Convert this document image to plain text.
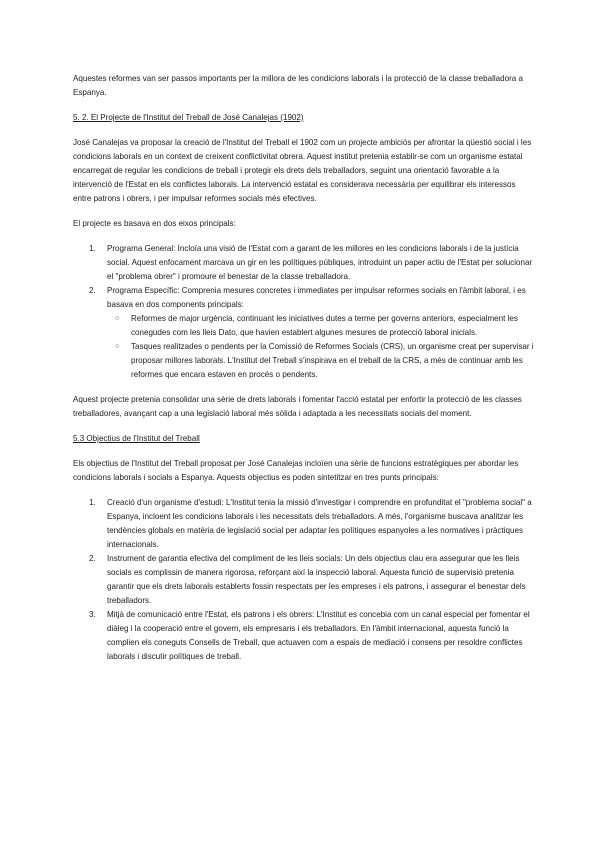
Aquestes reformes van ser passos importants per la millora de les condicions laborals i la protecció de la classe treballadora a Espanya.

5. 2. El Projecte de l'Institut del Treball de José Canalejas (1902)

José Canalejas va proposar la creació de l'Institut del Treball el 1902 com un projecte ambiciós per afrontar la qüestió social i les condicions laborals en un context de creixent conflictivitat obrera. Aquest institut pretenia establir-se com un organisme estatal encarregat de regular les condicions de treball i protegir els drets dels treballadors, seguint una orientació favorable a la intervenció de l'Estat en els conflictes laborals. La intervenció estatal es considerava necessària per equilibrar els interessos entre patrons i obrers, i per impulsar reformes socials més efectives.

El projecte es basava en dos eixos principals:

1. Programa General: Incloïa una visió de l'Estat com a garant de les millores en les condicions laborals i de la justícia social. Aquest enfocament marcava un gir en les polítiques públiques, introduint un paper actiu de l'Estat per solucionar el "problema obrer" i promoure el benestar de la classe treballadora.
2. Programa Específic: Comprenia mesures concretes i immediates per impulsar reformes socials en l'àmbit laboral, i es basava en dos components principals:
○ Reformes de major urgència, continuant les iniciatives dutes a terme per governs anteriors, especialment les conegudes com les lleis Dato, que havien establert algunes mesures de protecció laboral inicials.
○ Tasques realitzades o pendents per la Comissió de Reformes Socials (CRS), un organisme creat per supervisar i proposar millores laborals. L'Institut del Treball s'inspirava en el treball de la CRS, a més de continuar amb les reformes que encara estaven en procés o pendents.

Aquest projecte pretenia consolidar una sèrie de drets laborals i fomentar l'acció estatal per enfortir la protecció de les classes treballadores, avançant cap a una legislació laboral més sòlida i adaptada a les necessitats socials del moment.

5.3 Objectius de l'Institut del Treball

Els objectius de l'Institut del Treball proposat per José Canalejas incloïen una sèrie de funcions estratègiques per abordar les condicions laborals i socials a Espanya. Aquests objectius es poden sintetitzar en tres punts principals:

1. Creació d'un organisme d'estudi: L'Institut tenia la missió d'investigar i comprendre en profunditat el "problema social" a Espanya, incloent les condicions laborals i les necessitats dels treballadors. A més, l'organisme buscava analitzar les tendències globals en matèria de legislació social per adaptar les polítiques espanyoles a les normatives i pràctiques internacionals.
2. Instrument de garantia efectiva del compliment de les lleis socials: Un dels objectius clau era assegurar que les lleis socials es complissin de manera rigorosa, reforçant així la inspecció laboral. Aquesta funció de supervisió pretenia garantir que els drets laborals establerts fossin respectats per les empreses i els patrons, i assegurar el benestar dels treballadors.
3. Mitjà de comunicació entre l'Estat, els patrons i els obrers: L'Institut es concebia com un canal especial per fomentar el diàleg i la cooperació entre el govern, els empresaris i els treballadors. En l'àmbit internacional, aquesta funció la complien els coneguts Consells de Treball, que actuaven com a espais de mediació i consens per resoldre conflictes laborals i discutir polítiques de treball.
